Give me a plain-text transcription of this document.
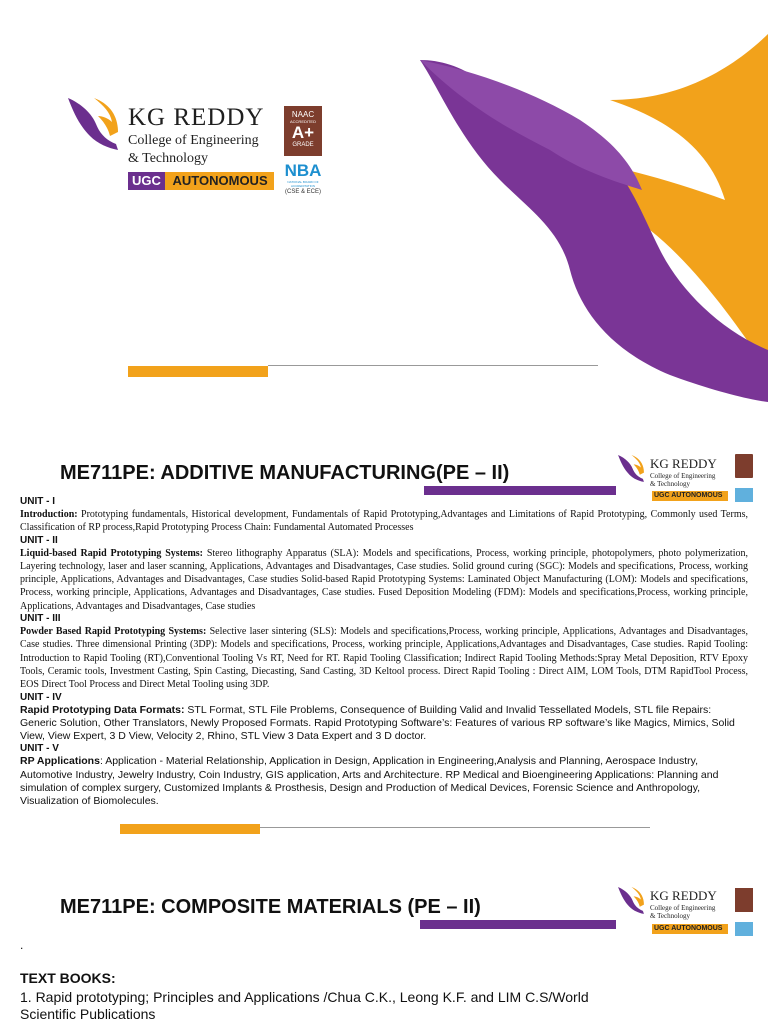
KG REDDY
College of Engineering
& Technology
UGC AUTONOMOUS
NAAC
ACCREDITED
A+
GRADE
NBA
NATIONAL BOARD OF ACCREDITATION
(CSE & ECE)
ME711PE: ADDITIVE MANUFACTURING(PE – II)	KG REDDY
College of Engineering
& Technology
UGC AUTONOMOUS
UNIT - I
Introduction: Prototyping fundamentals, Historical development, Fundamentals of Rapid Prototyping,Advantages and Limitations of Rapid Prototyping, Commonly used Terms, Classification of RP process,Rapid Prototyping Process Chain: Fundamental Automated Processes
UNIT - II
Liquid-based Rapid Prototyping Systems: Stereo lithography Apparatus (SLA): Models and specifications, Process, working principle, photopolymers, photo polymerization, Layering technology, laser and laser scanning, Applications, Advantages and Disadvantages, Case studies. Solid ground curing (SGC): Models and specifications, Process, working principle, Applications, Advantages and Disadvantages, Case studies Solid-based Rapid Prototyping Systems: Laminated Object Manufacturing (LOM): Models and specifications, Process, working principle, Applications, Advantages and Disadvantages, Case studies. Fused Deposition Modeling (FDM): Models and specifications,Process, working principle, Applications, Advantages and Disadvantages, Case studies
UNIT - III
Powder Based Rapid Prototyping Systems: Selective laser sintering (SLS): Models and specifications,Process, working principle, Applications, Advantages and Disadvantages, Case studies. Three dimensional Printing (3DP): Models and specifications, Process, working principle, Applications,Advantages and Disadvantages, Case studies. Rapid Tooling: Introduction to Rapid Tooling (RT),Conventional Tooling Vs RT, Need for RT. Rapid Tooling Classification; Indirect Rapid Tooling Methods:Spray Metal Deposition, RTV Epoxy Tools, Ceramic tools, Investment Casting, Spin Casting, Diecasting, Sand Casting, 3D Keltool process. Direct Rapid Tooling : Direct AIM, LOM Tools, DTM RapidTool Process, EOS Direct Tool Process and Direct Metal Tooling using 3DP.
UNIT - IV
Rapid Prototyping Data Formats: STL Format, STL File Problems, Consequence of Building Valid and Invalid Tessellated Models, STL file Repairs: Generic Solution, Other Translators, Newly Proposed Formats. Rapid Prototyping Software’s: Features of various RP software’s like Magics, Mimics, Solid View, View Expert, 3 D View, Velocity 2, Rhino, STL View 3 Data Expert and 3 D doctor.
UNIT - V
RP Applications: Application - Material Relationship, Application in Design, Application in Engineering,Analysis and Planning, Aerospace Industry, Automotive Industry, Jewelry Industry, Coin Industry, GIS application, Arts and Architecture. RP Medical and Bioengineering Applications: Planning and simulation of complex surgery, Customized Implants & Prosthesis, Design and Production of Medical Devices, Forensic Science and Anthropology, Visualization of Biomolecules.
ME711PE: COMPOSITE MATERIALS (PE – II)
KG REDDY
College of Engineering
& Technology
UGC AUTONOMOUS
.
TEXT BOOKS:
1. Rapid prototyping; Principles and Applications /Chua C.K., Leong K.F. and LIM C.S/World Scientific Publications
